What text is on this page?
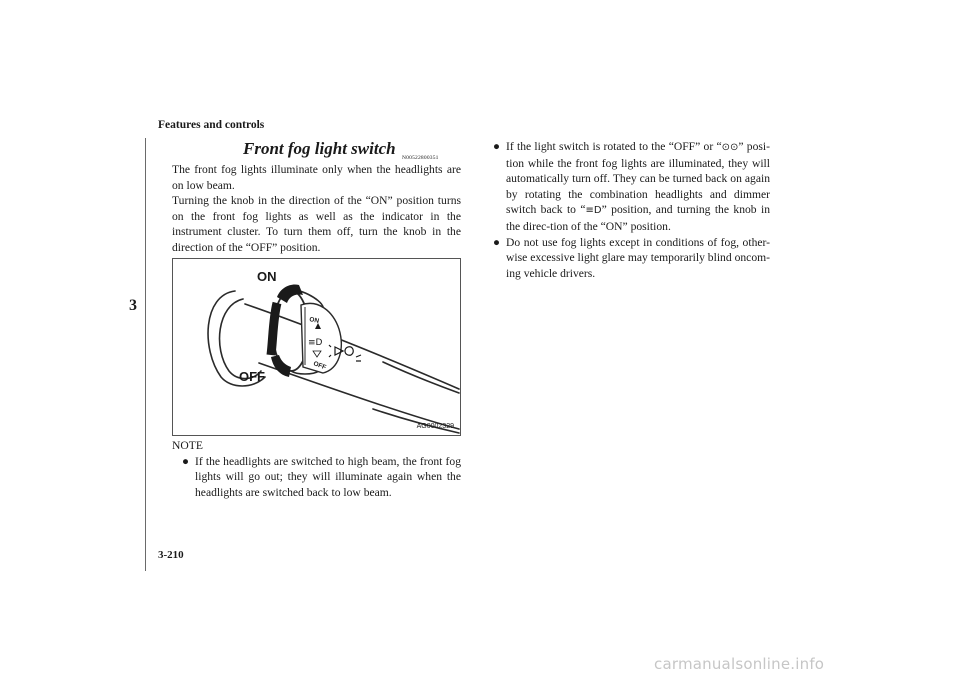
Features and controls
3
Front fog light switch N00522800351

The front fog lights illuminate only when the headlights are on low beam.

Turning the knob in the direction of the “ON” position turns on the front fog lights as well as the indicator in the instrument cluster. To turn them off, turn the knob in the direction of the “OFF” position.

ON
≡D
OFF
ON
OFF
AG0002329
NOTE
● If the headlights are switched to high beam, the front fog lights will go out; they will illuminate again when the headlights are switched back to low beam.
● If the light switch is rotated to the “OFF” or “⊙⊙” posi-tion while the front fog lights are illuminated, they will automatically turn off. They can be turned back on again by rotating the combination headlights and dimmer switch back to “≡D” position, and turning the knob in the direc-tion of the “ON” position.
● Do not use fog lights except in conditions of fog, other-wise excessive light glare may temporarily blind oncom-ing vehicle drivers.
3-210
carmanualsonline.info
